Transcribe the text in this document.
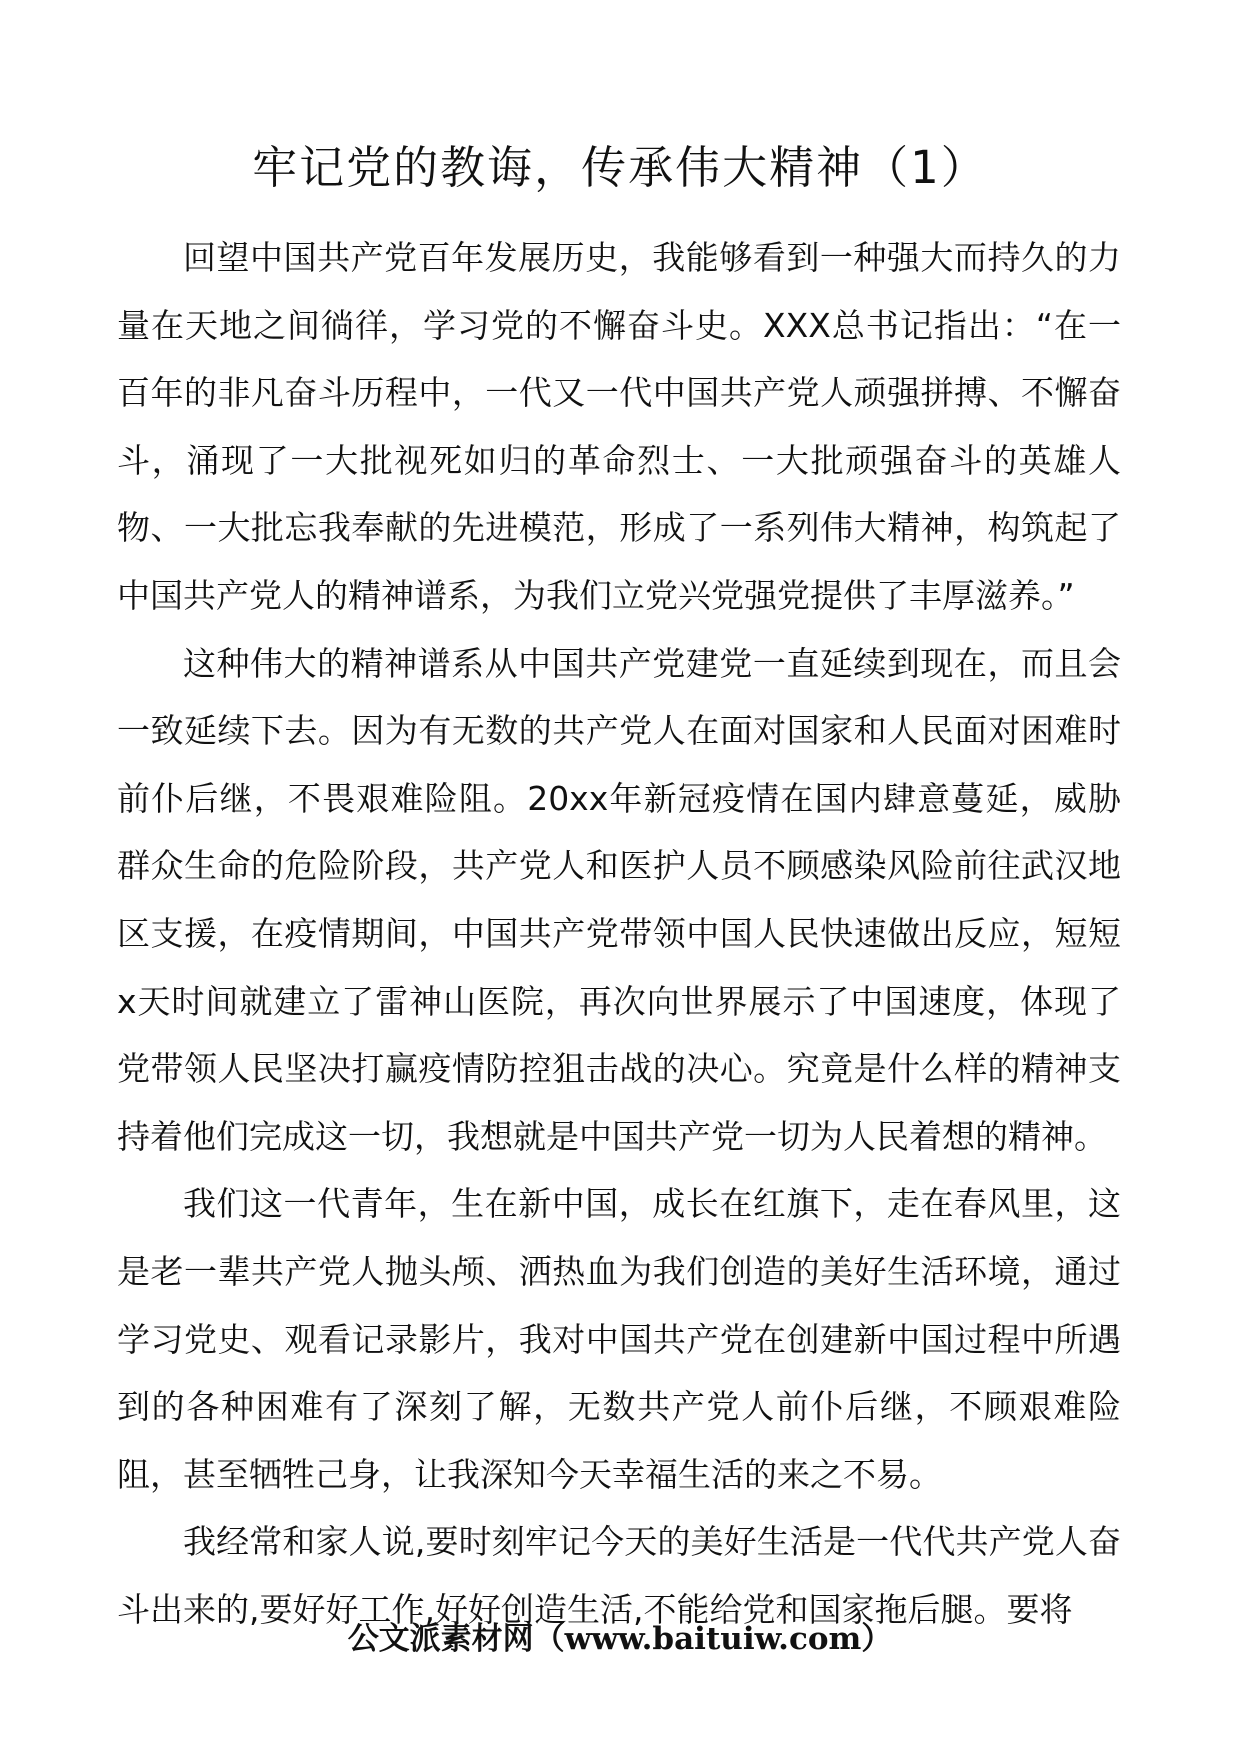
牢记党的教诲，传承伟大精神（1）

回望中国共产党百年发展历史，我能够看到一种强大而持久的力量在天地之间徜徉，学习党的不懈奋斗史。XXX总书记指出：“在一百年的非凡奋斗历程中，一代又一代中国共产党人顽强拼搏、不懈奋斗，涌现了一大批视死如归的革命烈士、一大批顽强奋斗的英雄人物、一大批忘我奉献的先进模范，形成了一系列伟大精神，构筑起了中国共产党人的精神谱系，为我们立党兴党强党提供了丰厚滋养。”

这种伟大的精神谱系从中国共产党建党一直延续到现在，而且会一致延续下去。因为有无数的共产党人在面对国家和人民面对困难时前仆后继，不畏艰难险阻。20xx年新冠疫情在国内肆意蔓延，威胁群众生命的危险阶段，共产党人和医护人员不顾感染风险前往武汉地区支援，在疫情期间，中国共产党带领中国人民快速做出反应，短短x天时间就建立了雷神山医院，再次向世界展示了中国速度，体现了党带领人民坚决打赢疫情防控狙击战的决心。究竟是什么样的精神支持着他们完成这一切，我想就是中国共产党一切为人民着想的精神。

我们这一代青年，生在新中国，成长在红旗下，走在春风里，这是老一辈共产党人抛头颅、洒热血为我们创造的美好生活环境，通过学习党史、观看记录影片，我对中国共产党在创建新中国过程中所遇到的各种困难有了深刻了解，无数共产党人前仆后继，不顾艰难险阻，甚至牺牲己身，让我深知今天幸福生活的来之不易。

我经常和家人说,要时刻牢记今天的美好生活是一代代共产党人奋斗出来的,要好好工作,好好创造生活,不能给党和国家拖后腿。要将

公文派素材网（www.baituiw.com）
